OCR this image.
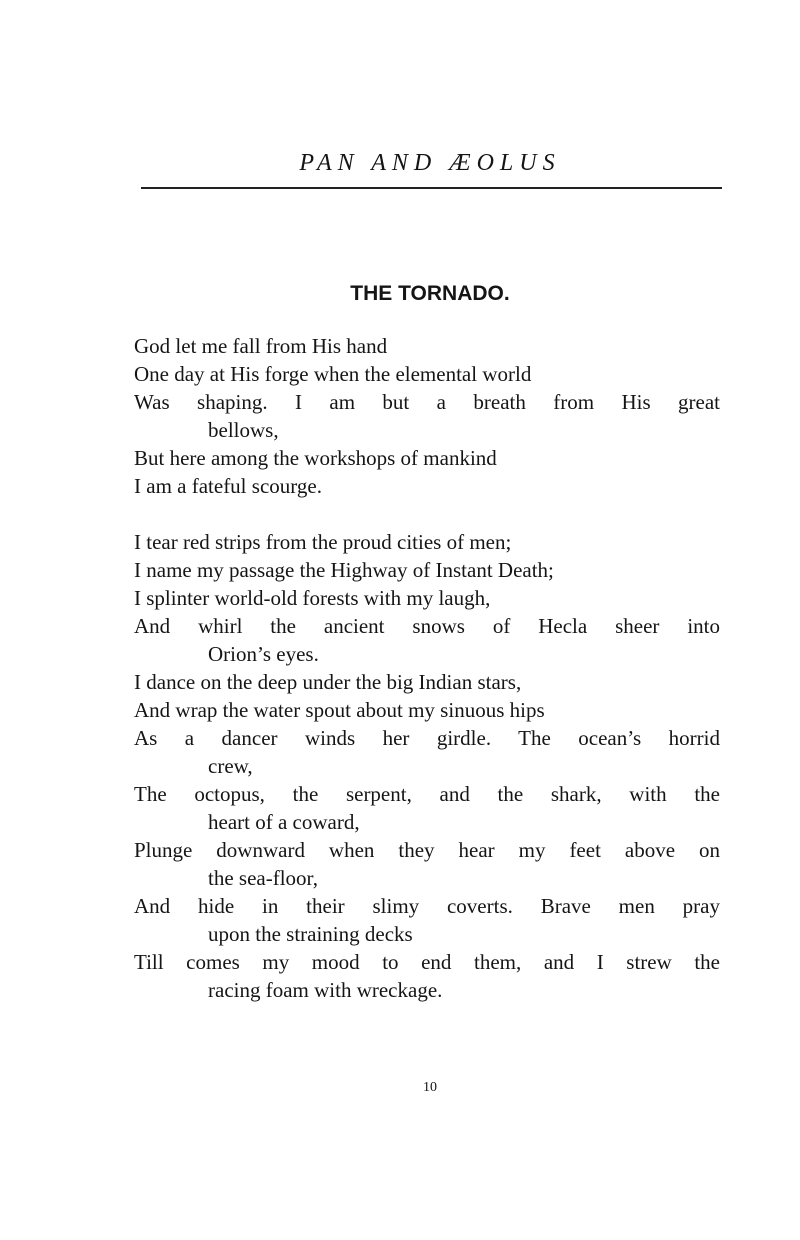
PAN AND ÆOLUS
THE TORNADO.
God let me fall from His hand
One day at His forge when the elemental world
Was shaping. I am but a breath from His great
bellows,
But here among the workshops of mankind
I am a fateful scourge.
I tear red strips from the proud cities of men;
I name my passage the Highway of Instant Death;
I splinter world-old forests with my laugh,
And whirl the ancient snows of Hecla sheer into
Orion’s eyes.
I dance on the deep under the big Indian stars,
And wrap the water spout about my sinuous hips
As a dancer winds her girdle. The ocean’s horrid
crew,
The octopus, the serpent, and the shark, with the
heart of a coward,
Plunge downward when they hear my feet above on
the sea-floor,
And hide in their slimy coverts. Brave men pray
upon the straining decks
Till comes my mood to end them, and I strew the
racing foam with wreckage.
10
